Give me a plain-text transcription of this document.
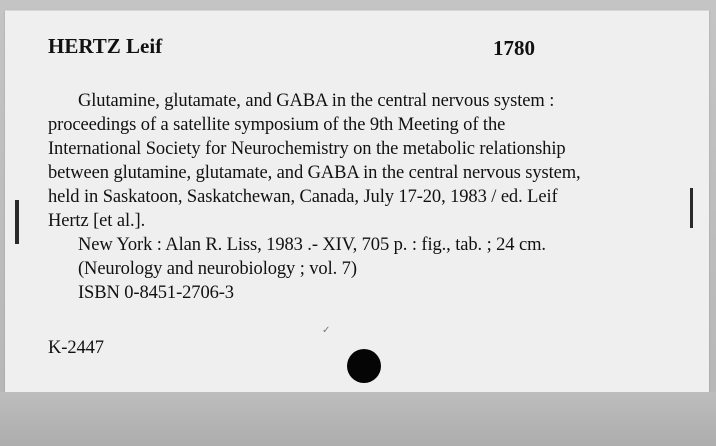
HERTZ Leif	1780
Glutamine, glutamate, and GABA in the central nervous system :
proceedings of a satellite symposium of the 9th Meeting of the
International Society for Neurochemistry on the metabolic relationship
between glutamine, glutamate, and GABA in the central nervous system,
held in Saskatoon, Saskatchewan, Canada, July 17-20, 1983 / ed. Leif
Hertz [et al.].
New York : Alan R. Liss, 1983 .- XIV, 705 p. : fig., tab. ; 24 cm.
(Neurology and neurobiology ; vol. 7)
ISBN 0-8451-2706-3
K-2447
✓
